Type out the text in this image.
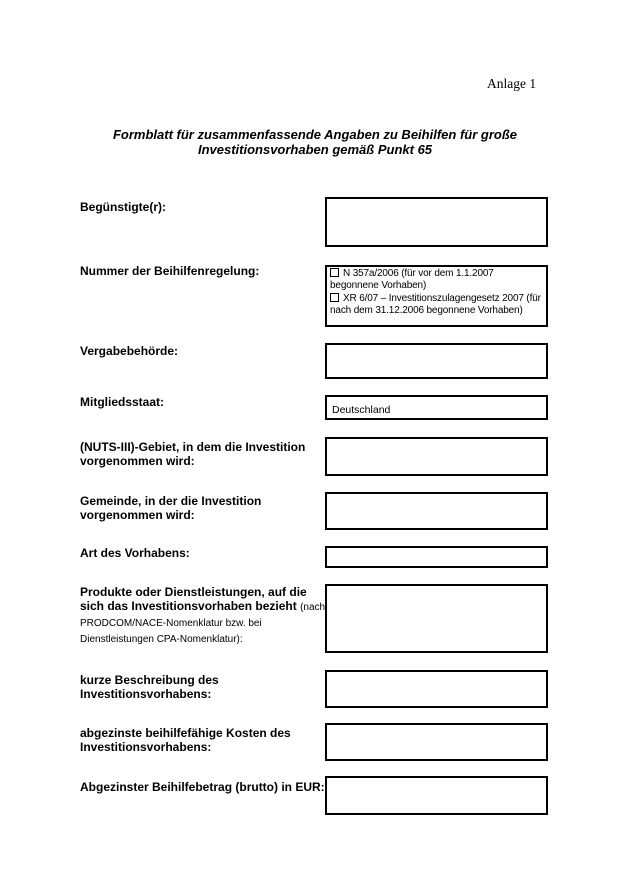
Anlage 1
Formblatt für zusammenfassende Angaben zu Beihilfen für große
Investitionsvorhaben gemäß Punkt 65
Begünstigte(r):
Nummer der Beihilfenregelung:	N 357a/2006 (für vor dem 1.1.2007 begonnene Vorhaben)
XR 6/07 – Investitionszulagengesetz 2007 (für nach dem 31.12.2006 begonnene Vorhaben)
Vergabebehörde:
Mitgliedsstaat:
Deutschland
(NUTS-III)-Gebiet, in dem die Investition vorgenommen wird:
Gemeinde, in der die Investition vorgenommen wird:
Art des Vorhabens:
Produkte oder Dienstleistungen, auf die sich das Investitionsvorhaben bezieht (nach PRODCOM/NACE-Nomenklatur bzw. bei Dienstleistungen CPA-Nomenklatur):
kurze Beschreibung des Investitionsvorhabens:
abgezinste beihilfefähige Kosten des Investitionsvorhabens:
Abgezinster Beihilfebetrag (brutto) in EUR:
